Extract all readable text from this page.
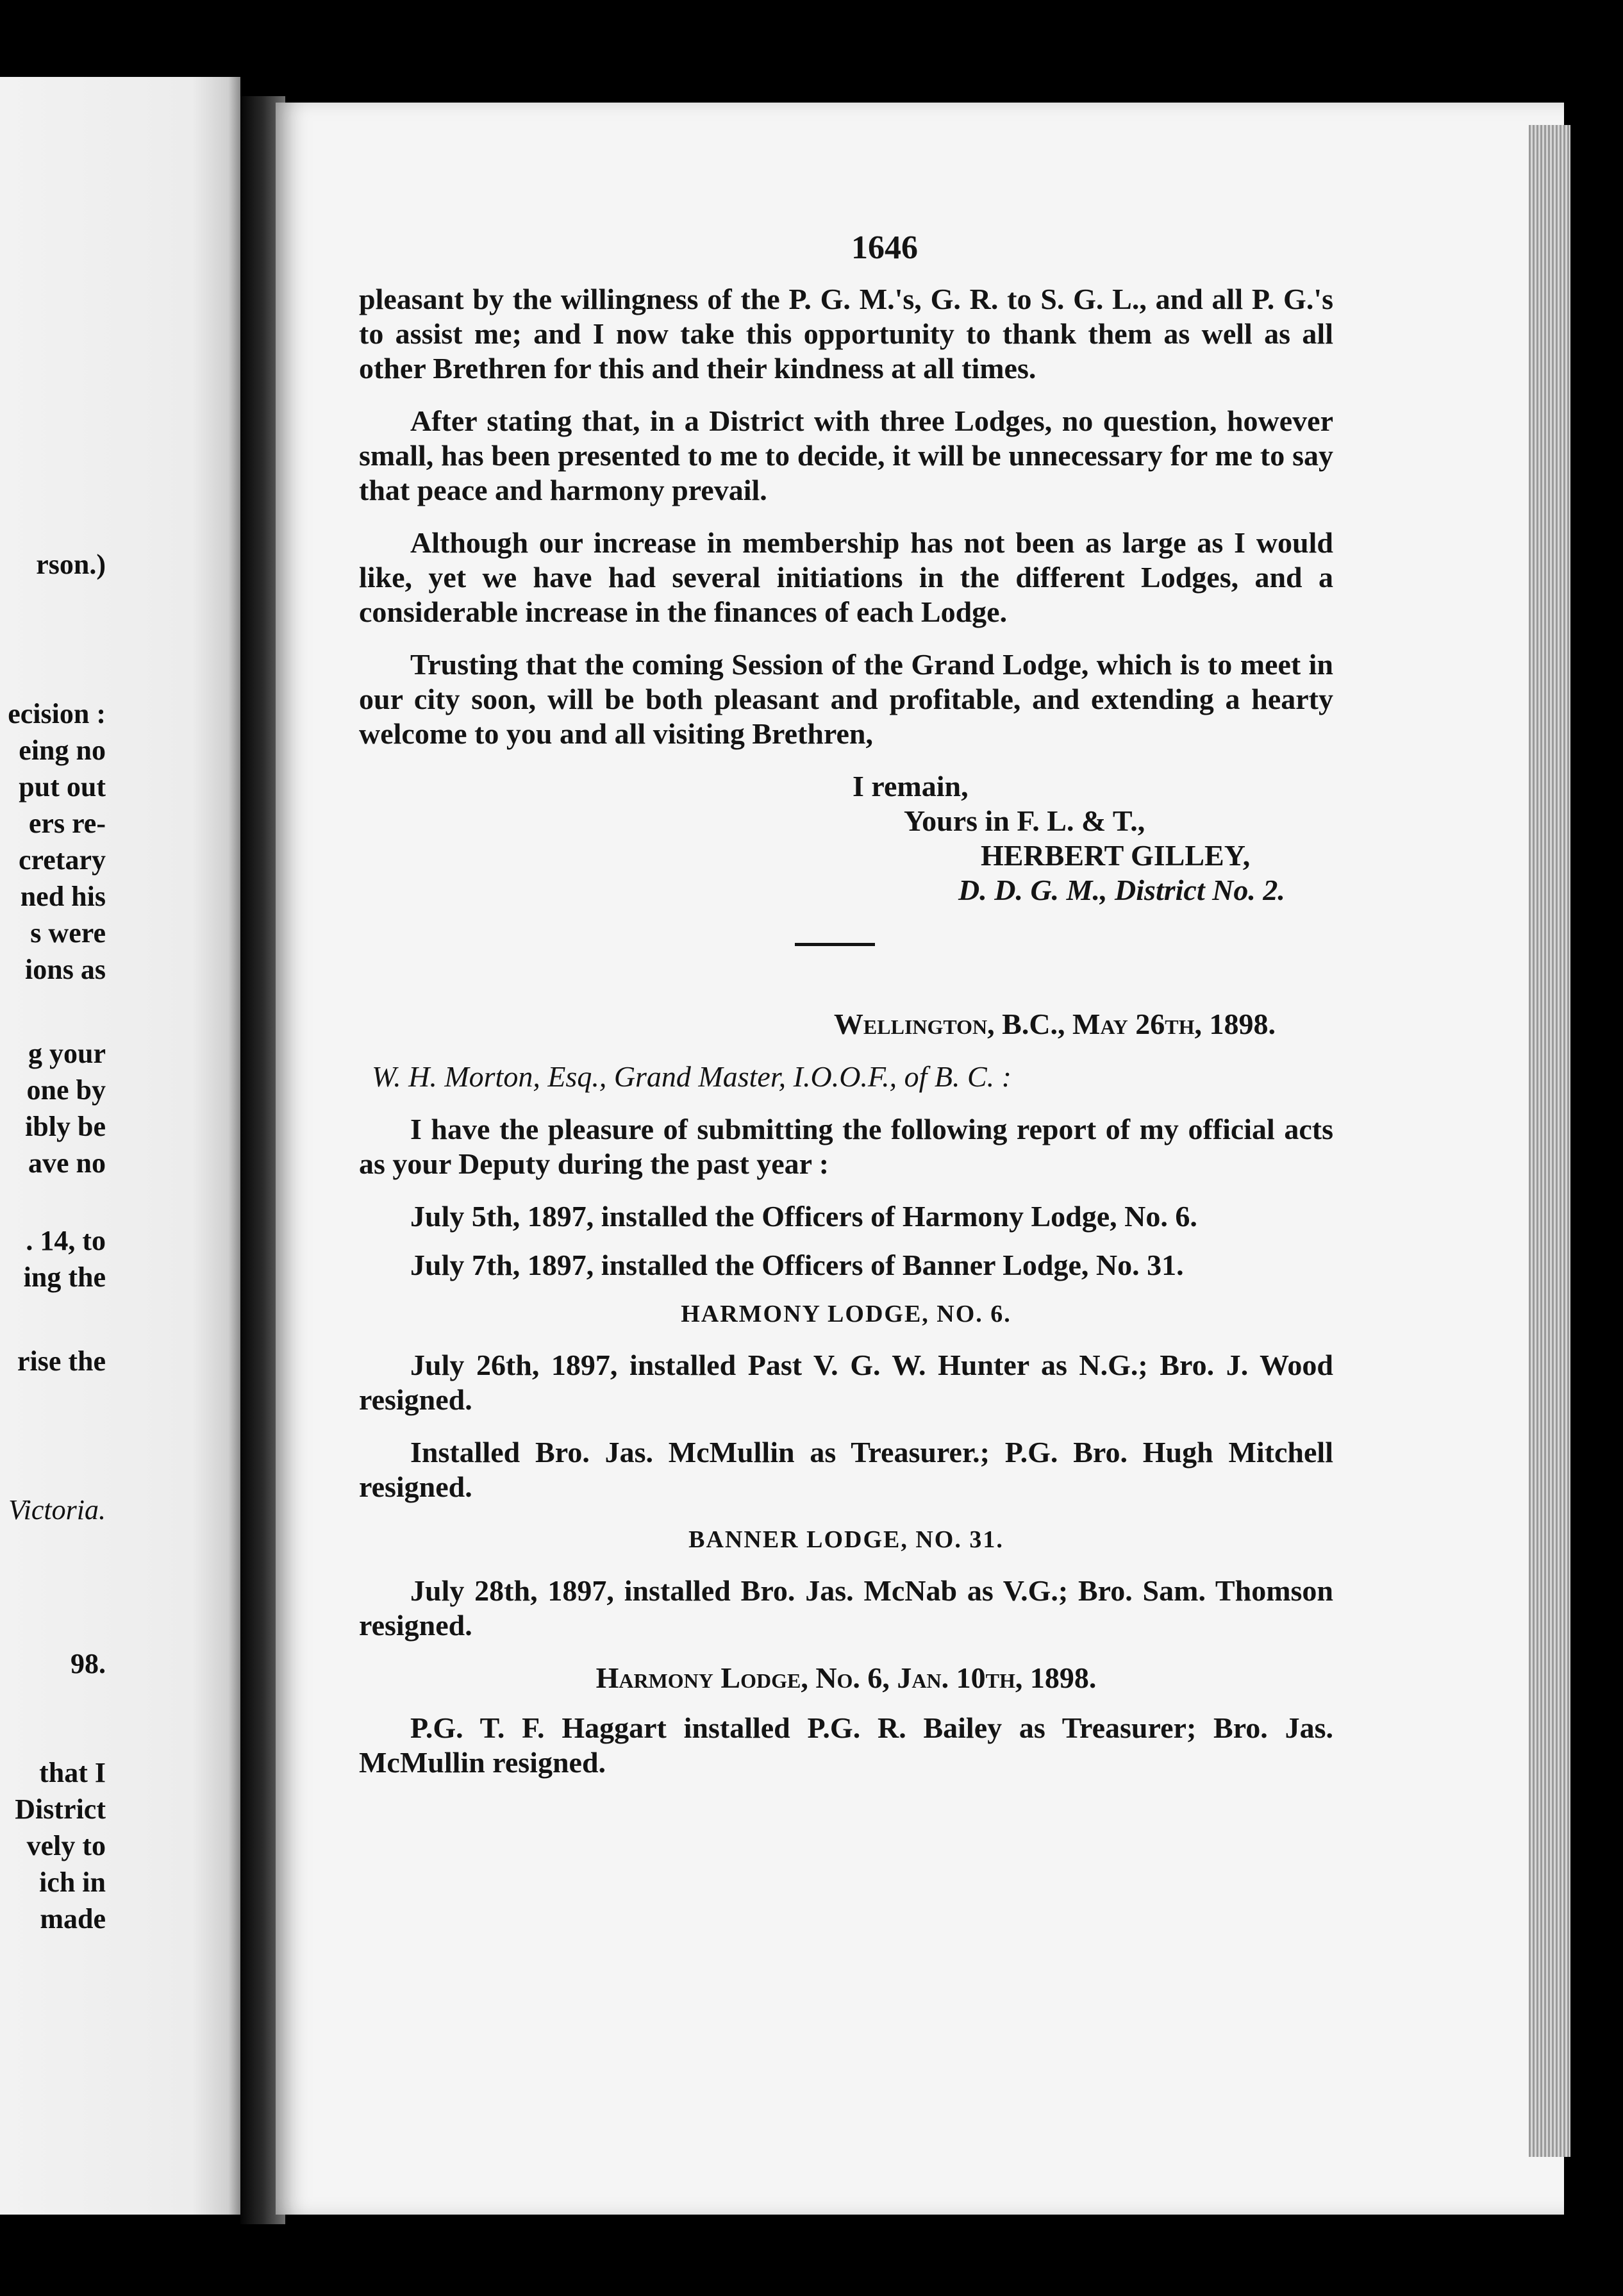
rson.)
ecision :
eing no
put out
ers re-
cretary
ned his
s were
ions as
g your
one by
ibly be
ave no
. 14, to
ing the
rise the
Victoria.
98.
that I
District
vely to
ich in
made
1646

pleasant by the willingness of the P. G. M.'s, G. R. to S. G. L., and all P. G.'s to assist me; and I now take this opportunity to thank them as well as all other Brethren for this and their kindness at all times.

After stating that, in a District with three Lodges, no question, however small, has been presented to me to decide, it will be unnecessary for me to say that peace and harmony prevail.

Although our increase in membership has not been as large as I would like, yet we have had several initiations in the different Lodges, and a considerable increase in the finances of each Lodge.

Trusting that the coming Session of the Grand Lodge, which is to meet in our city soon, will be both pleasant and profitable, and extending a hearty welcome to you and all visiting Brethren,

I remain,
Yours in F. L. & T.,
HERBERT GILLEY,
D. D. G. M., District No. 2.
Wellington, B.C., May 26th, 1898.
W. H. Morton, Esq., Grand Master, I.O.O.F., of B. C. :

I have the pleasure of submitting the following report of my official acts as your Deputy during the past year :

July 5th, 1897, installed the Officers of Harmony Lodge, No. 6.
July 7th, 1897, installed the Officers of Banner Lodge, No. 31.
HARMONY LODGE, NO. 6.

July 26th, 1897, installed Past V. G. W. Hunter as N.G.; Bro. J. Wood resigned.

Installed Bro. Jas. McMullin as Treasurer.; P.G. Bro. Hugh Mitchell resigned.

BANNER LODGE, NO. 31.

July 28th, 1897, installed Bro. Jas. McNab as V.G.; Bro. Sam. Thomson resigned.

Harmony Lodge, No. 6, Jan. 10th, 1898.

P.G. T. F. Haggart installed P.G. R. Bailey as Treasurer; Bro. Jas. McMullin resigned.
